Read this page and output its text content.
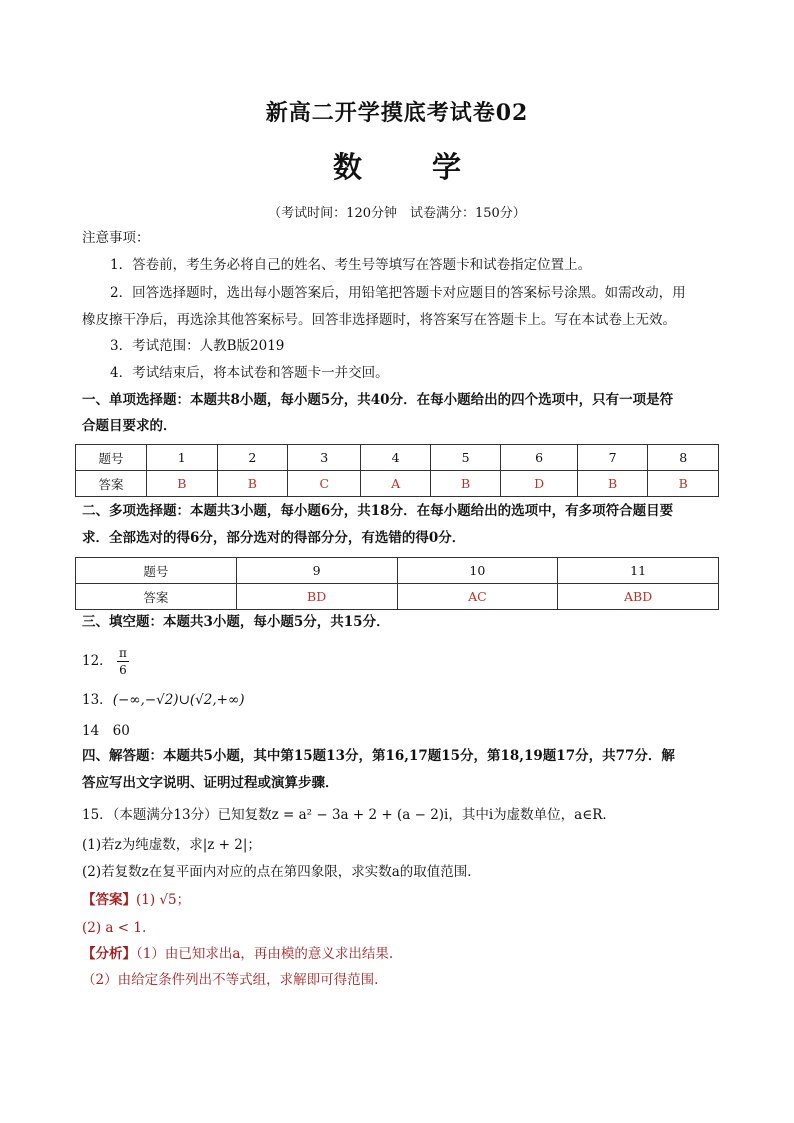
新高二开学摸底考试卷02
数 学
（考试时间：120分钟　试卷满分：150分）
注意事项：
1．答卷前，考生务必将自己的姓名、考生号等填写在答题卡和试卷指定位置上。
2．回答选择题时，选出每小题答案后，用铅笔把答题卡对应题目的答案标号涂黑。如需改动，用
橡皮擦干净后，再选涂其他答案标号。回答非选择题时，将答案写在答题卡上。写在本试卷上无效。
3．考试范围：人教B版2019
4．考试结束后，将本试卷和答题卡一并交回。
一、单项选择题：本题共8小题，每小题5分，共40分．在每小题给出的四个选项中，只有一项是符
合题目要求的．
题号	1	2	3	4	5	6	7	8
答案	B	B	C	A	B	D	B	B
二、多项选择题：本题共3小题，每小题6分，共18分．在每小题给出的选项中，有多项符合题目要
求．全部选对的得6分，部分选对的得部分分，有选错的得0分．
题号	9	10	11
答案	BD	AC	ABD
三、填空题：本题共3小题，每小题5分，共15分．
12． $\frac{\pi}{6}$
13．(−∞,−√2)∪(√2,+∞)
14　60
四、解答题：本题共5小题，其中第15题13分，第16,17题15分，第18,19题17分，共77分．解
答应写出文字说明、证明过程或演算步骤．
15．（本题满分13分）已知复数z = a² − 3a + 2 + (a − 2)i，其中i为虚数单位，a∈R．
(1)若z为纯虚数，求|z + 2|；
(2)若复数z在复平面内对应的点在第四象限，求实数a的取值范围．
【答案】(1) √5；
(2) a < 1.
【分析】（1）由已知求出a，再由模的意义求出结果.
（2）由给定条件列出不等式组，求解即可得范围.
